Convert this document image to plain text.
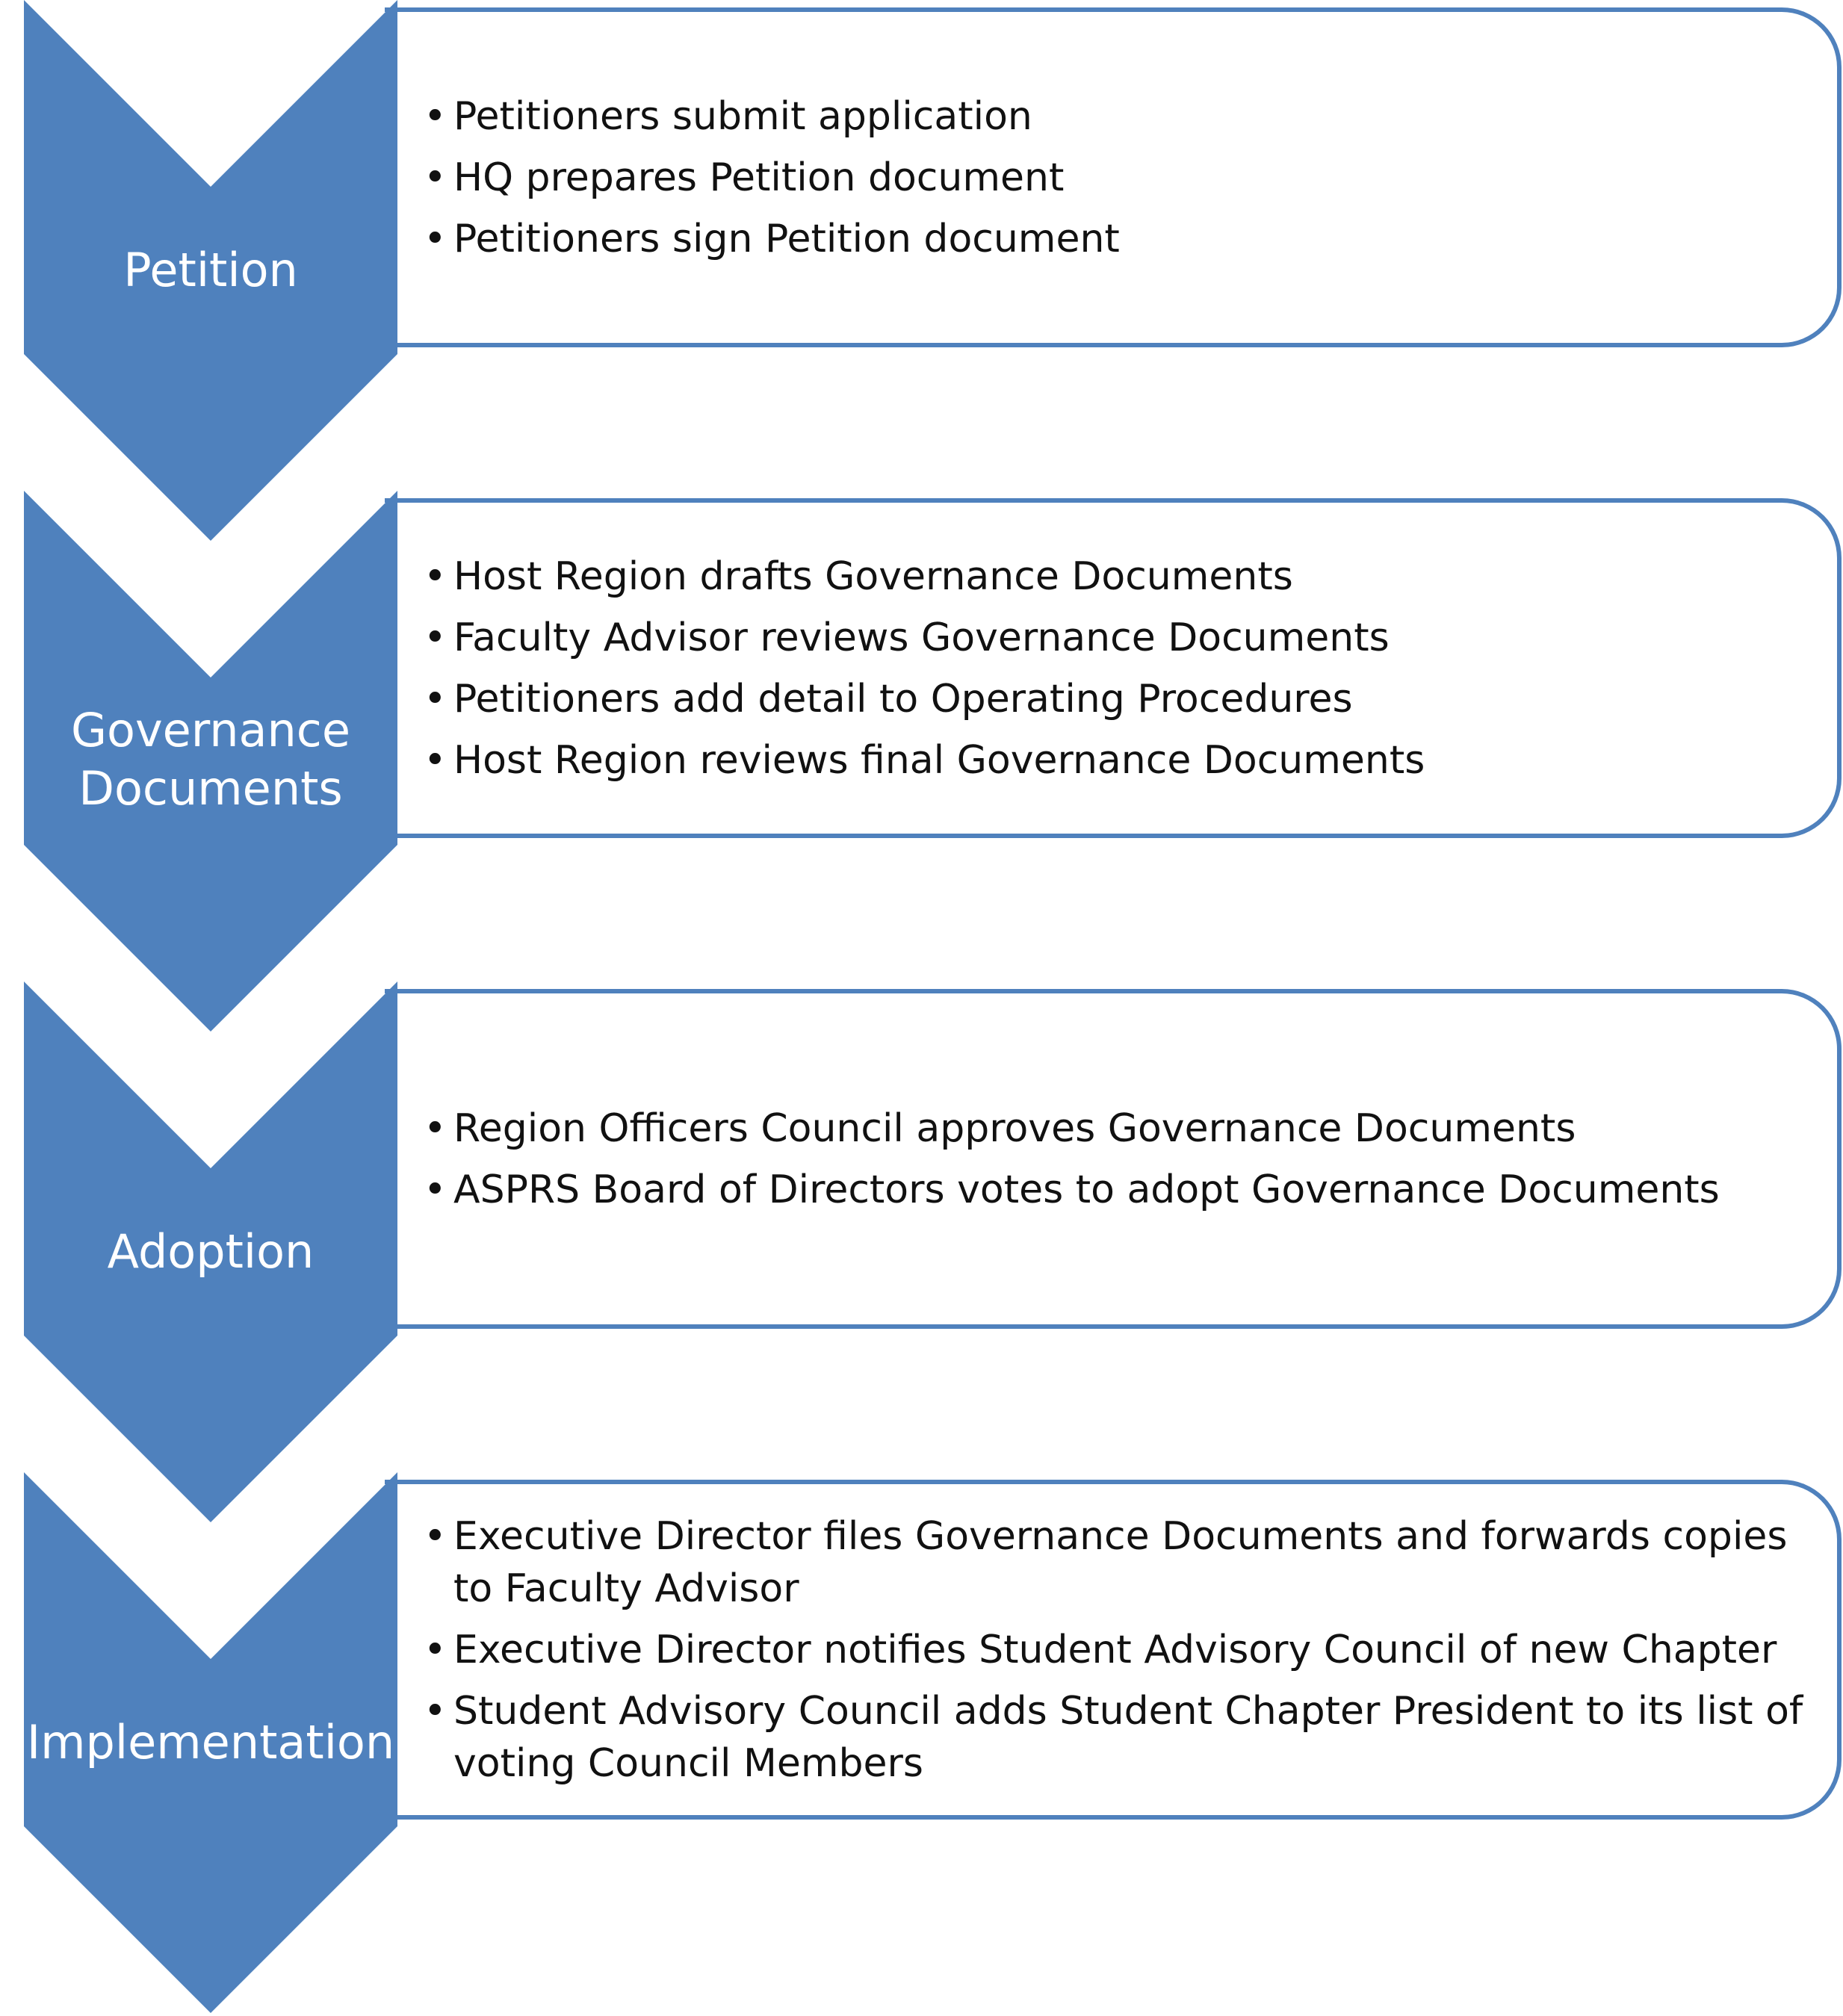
• Petitioners submit application
• HQ prepares Petition document
• Petitioners sign Petition document
Petition
• Host Region drafts Governance Documents
• Faculty Advisor reviews Governance Documents
• Petitioners add detail to Operating Procedures
• Host Region reviews final Governance Documents
Governance
Documents
• Region Officers Council approves Governance Documents
• ASPRS Board of Directors votes to adopt Governance Documents
Adoption
• Executive Director files Governance Documents and forwards copies to Faculty Advisor
• Executive Director notifies Student Advisory Council of new Chapter
• Student Advisory Council adds Student Chapter President to its list of voting Council Members
Implementation
